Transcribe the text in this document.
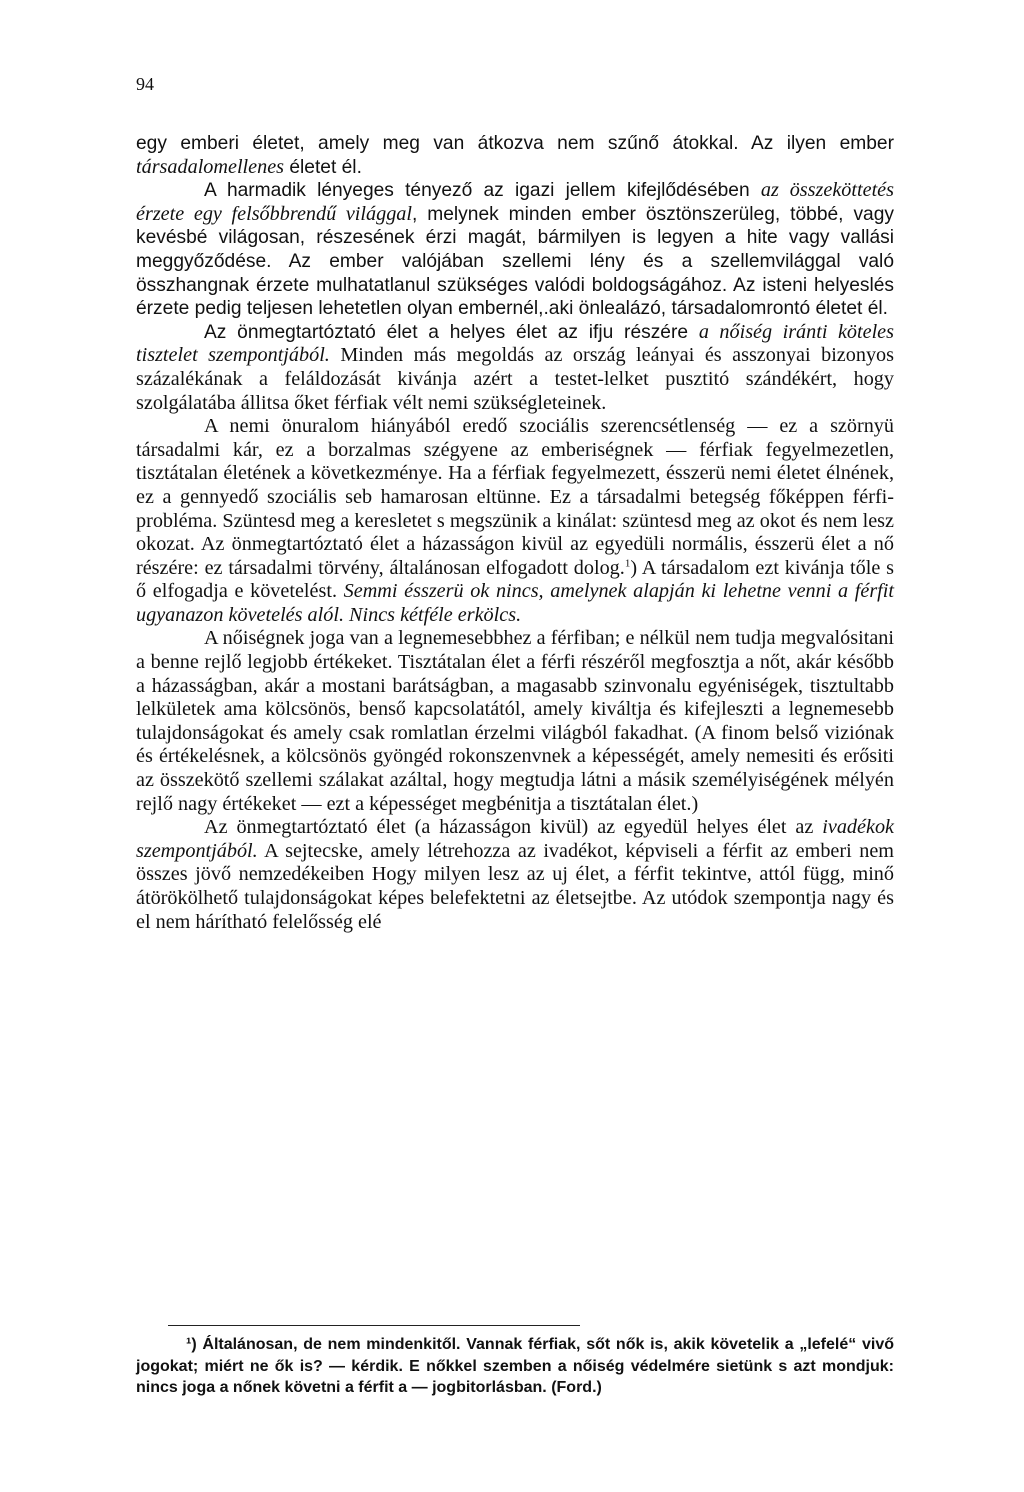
94

egy emberi életet, amely meg van átkozva nem szűnő átokkal. Az ilyen ember társadalomellenes életet él.

A harmadik lényeges tényező az igazi jellem kifejlődésében az összeköttetés érzete egy felsőbbrendű világgal, melynek minden ember ösztönszerüleg, többé, vagy kevésbé világosan, részesének érzi magát, bármilyen is legyen a hite vagy vallási meggyőződése. Az ember valójában szellemi lény és a szellemvilággal való összhangnak érzete mulhatatlanul szükséges valódi boldogságához. Az isteni helyeslés érzete pedig teljesen lehetetlen olyan embernél,.aki önlealázó, társadalomrontó életet él.

Az önmegtartóztató élet a helyes élet az ifju részére a nőiség iránti köteles tisztelet szempontjából. Minden más megoldás az ország leányai és asszonyai bizonyos százalékának a feláldozását kivánja azért a testet-lelket pusztitó szándékért, hogy szolgálatába állitsa őket férfiak vélt nemi szükségleteinek.

A nemi önuralom hiányából eredő szociális szerencsétlenség — ez a szörnyü társadalmi kár, ez a borzalmas szégyene az emberiségnek — férfiak fegyelmezetlen, tisztátalan életének a következménye. Ha a férfiak fegyelmezett, ésszerü nemi életet élnének, ez a gennyedő szociális seb hamarosan eltünne. Ez a társadalmi betegség főképpen férfi-probléma. Szüntesd meg a keresletet s megszünik a kinálat: szüntesd meg az okot és nem lesz okozat. Az önmegtartóztató élet a házasságon kivül az egyedüli normális, ésszerü élet a nő részére: ez társadalmi törvény, általánosan elfogadott dolog.$^1$) A társadalom ezt kivánja tőle s ő elfogadja e követelést. Semmi ésszerü ok nincs, amelynek alapján ki lehetne venni a férfit ugyanazon követelés alól. Nincs kétféle erkölcs.

A nőiségnek joga van a legnemesebbhez a férfiban; e nélkül nem tudja megvalósitani a benne rejlő legjobb értékeket. Tisztátalan élet a férfi részéről megfosztja a nőt, akár később a házasságban, akár a mostani barátságban, a magasabb szinvonalu egyéniségek, tisztultabb lelkületek ama kölcsönös, benső kapcsolatától, amely kiváltja és kifejleszti a legnemesebb tulajdonságokat és amely csak romlatlan érzelmi világból fakadhat. (A finom belső viziónak és értékelésnek, a kölcsönös gyöngéd rokonszenvnek a képességét, amely nemesiti és erősiti az összekötő szellemi szálakat azáltal, hogy megtudja látni a másik személyiségének mélyén rejlő nagy értékeket — ezt a képességet megbénitja a tisztátalan élet.)

Az önmegtartóztató élet (a házasságon kivül) az egyedül helyes élet az ivadékok szempontjából. A sejtecske, amely létrehozza az ivadékot, képviseli a férfit az emberi nem összes jövő nemzedékeiben Hogy milyen lesz az uj élet, a férfit tekintve, attól függ, minő átörökölhető tulajdonságokat képes belefektetni az életsejtbe. Az utódok szempontja nagy és el nem hárítható felelősség elé

¹) Általánosan, de nem mindenkitől. Vannak férfiak, sőt nők is, akik követelik a „lefelé“ vivő jogokat; miért ne ők is? — kérdik. E nőkkel szemben a nőiség védelmére sietünk s azt mondjuk: nincs joga a nőnek követni a férfit a — jogbitorlásban. (Ford.)
